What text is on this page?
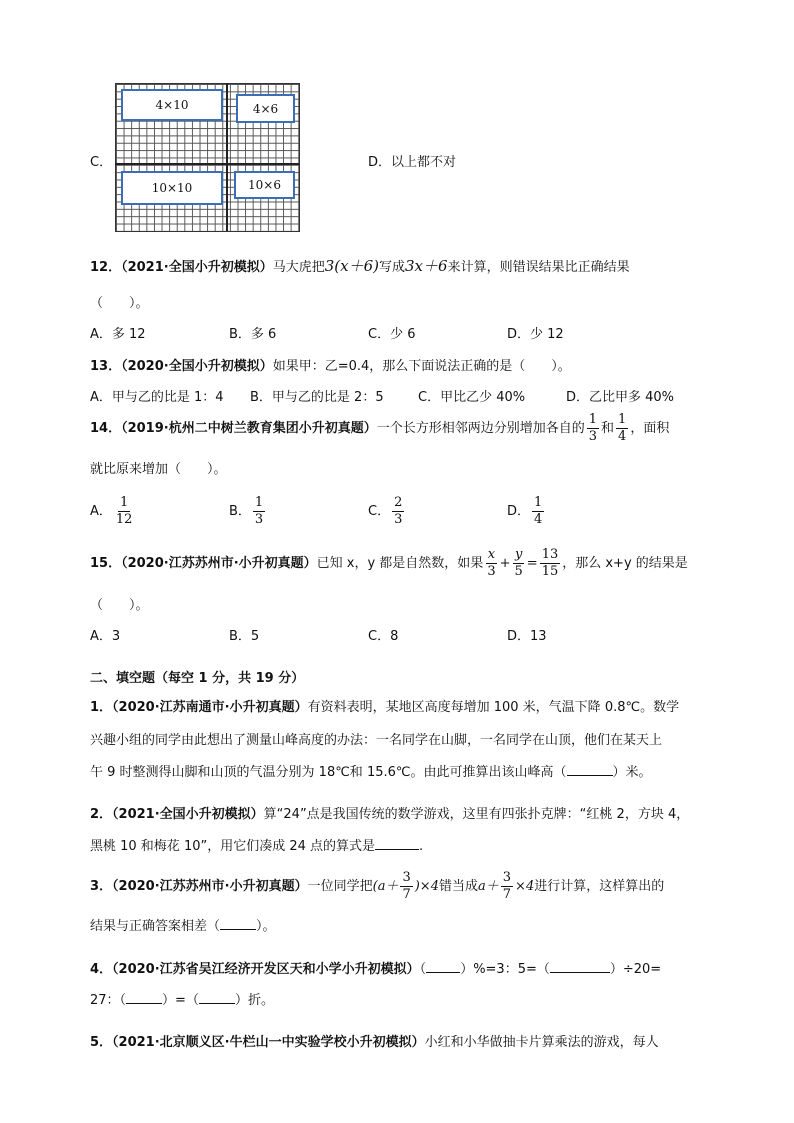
C．
4×10	4×6
10×10	10×6
D．以上都不对
12．（2021·全国小升初模拟）马大虎把3(x＋6)写成3x＋6来计算，则错误结果比正确结果
（　　）。
A．多 12	B．多 6	C．少 6	D．少 12
13．（2020·全国小升初模拟）如果甲：乙=0.4，那么下面说法正确的是（　　）。
A．甲与乙的比是 1：4 B．甲与乙的比是 2：5	C．甲比乙少 40%	D．乙比甲多 40%
14．（2019·杭州二中树兰教育集团小升初真题）一个长方形相邻两边分别增加各自的 $\frac{1}{3}$ 和 $\frac{1}{4}$ ，面积
就比原来增加（　　）。
A． $\frac{1}{12}$	B． $\frac{1}{3}$	C． $\frac{2}{3}$	D． $\frac{1}{4}$
15．（2020·江苏苏州市·小升初真题）已知 x，y 都是自然数，如果 $\frac{x}{3} + \frac{y}{5} = \frac{13}{15}$ ，那么 x+y 的结果是
（　　）。
A．3	B．5	C．8	D．13
二、填空题（每空 1 分，共 19 分）
1．（2020·江苏南通市·小升初真题）有资料表明，某地区高度每增加 100 米，气温下降 0.8℃。数学
兴趣小组的同学由此想出了测量山峰高度的办法：一名同学在山脚，一名同学在山顶，他们在某天上
午 9 时整测得山脚和山顶的气温分别为 18℃和 15.6℃。由此可推算出该山峰高（	）米。
2．（2021·全国小升初模拟）算“24”点是我国传统的数学游戏，这里有四张扑克牌：“红桃 2，方块 4，
黑桃 10 和梅花 10”，用它们凑成 24 点的算式是	.
3．（2020·江苏苏州市·小升初真题）一位同学把$(a+ \frac{3}{7} )\times 4$错当成$a+ \frac{3}{7} \times 4$进行计算，这样算出的
结果与正确答案相差（	）。
4．（2020·江苏省吴江经济开发区天和小学小升初模拟）（	）%=3：5=（	）÷20=
27：（	）=（	）折。
5．（2021·北京顺义区·牛栏山一中实验学校小升初模拟）小红和小华做抽卡片算乘法的游戏，每人
